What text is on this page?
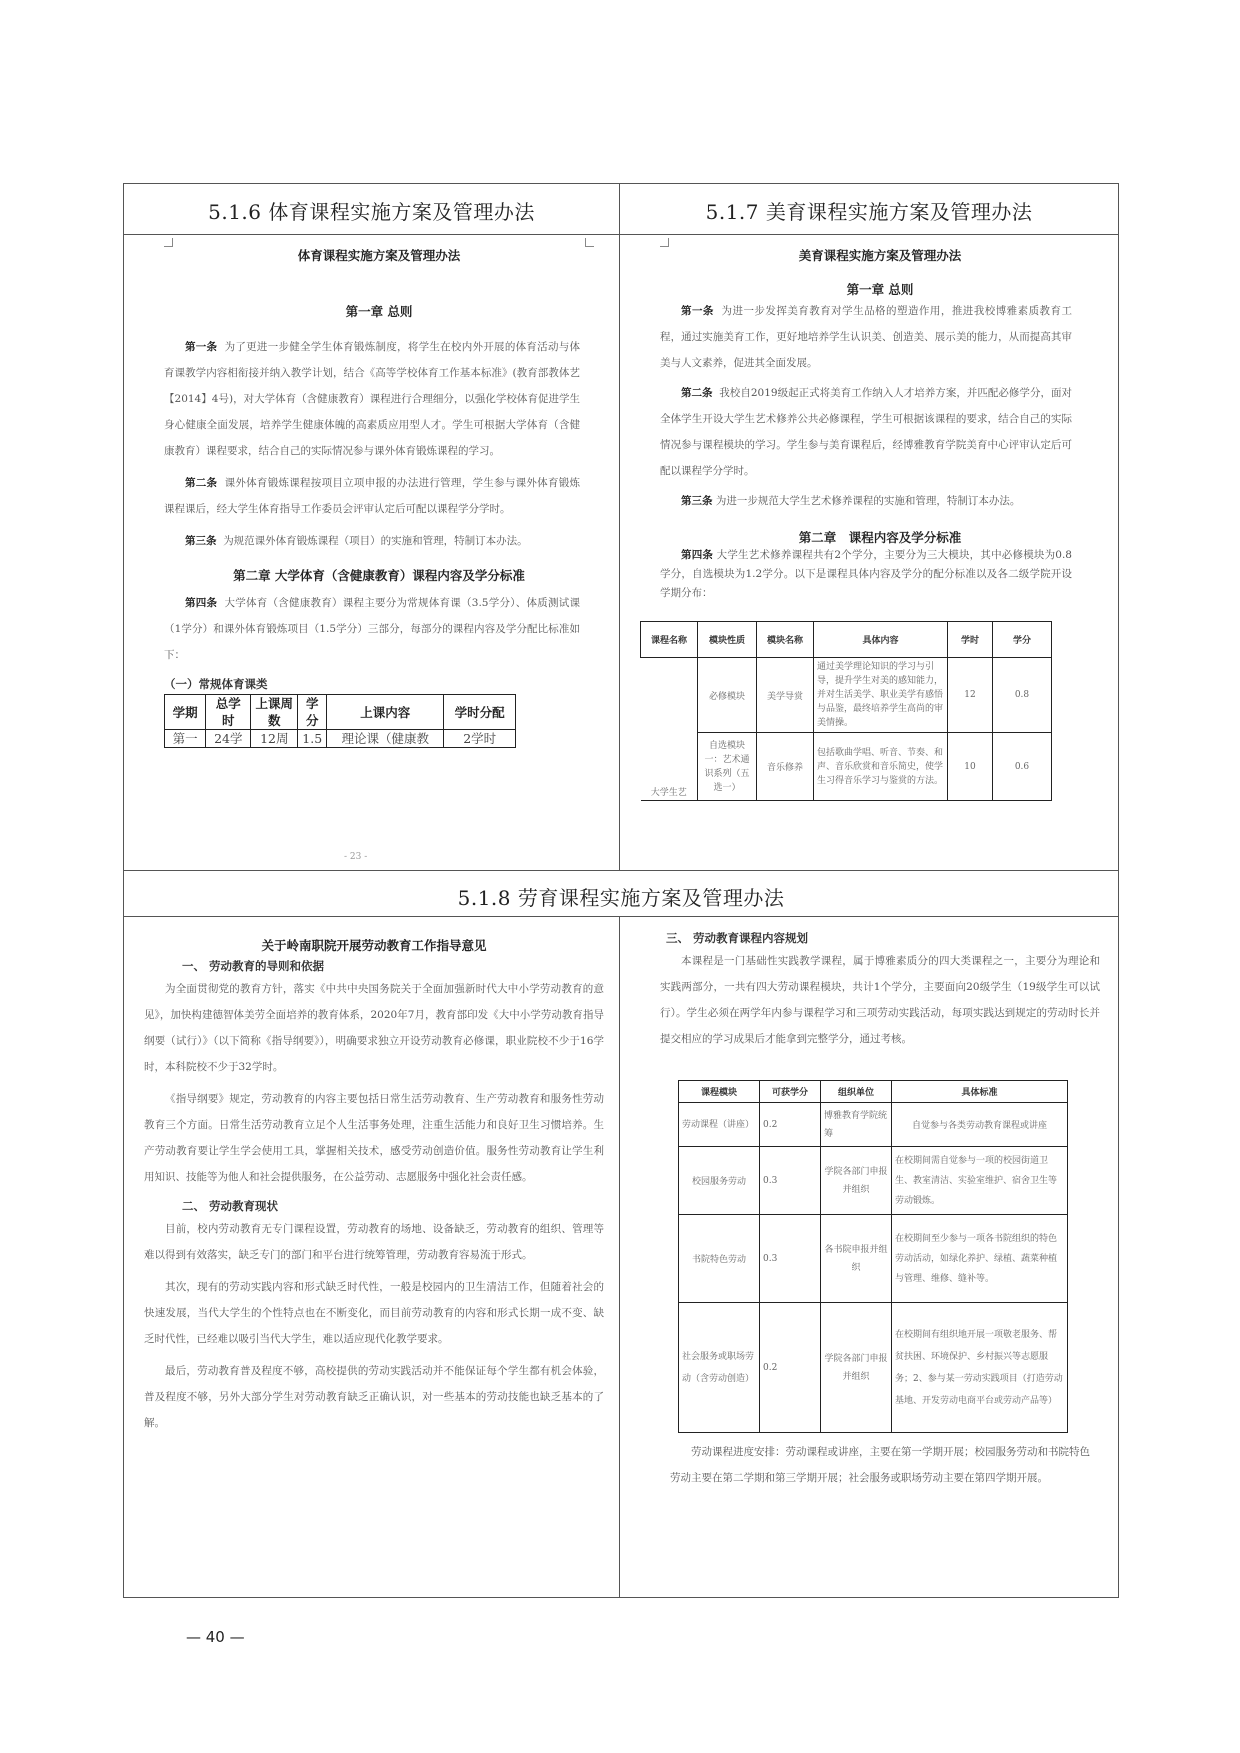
5.1.6 体育课程实施方案及管理办法	5.1.7 美育课程实施方案及管理办法
5.1.8 劳育课程实施方案及管理办法
体育课程实施方案及管理办法
第一章 总则

第一条 为了更进一步健全学生体育锻炼制度，将学生在校内外开展的体育活动与体育课教学内容相衔接并纳入教学计划，结合《高等学校体育工作基本标准》(教育部教体艺【2014】4号)，对大学体育（含健康教育）课程进行合理细分，以强化学校体育促进学生身心健康全面发展，培养学生健康体魄的高素质应用型人才。学生可根据大学体育（含健康教育）课程要求，结合自己的实际情况参与课外体育锻炼课程的学习。

第二条 课外体育锻炼课程按项目立项申报的办法进行管理，学生参与课外体育锻炼课程课后，经大学生体育指导工作委员会评审认定后可配以课程学分学时。

第三条 为规范课外体育锻炼课程（项目）的实施和管理，特制订本办法。

第二章 大学体育（含健康教育）课程内容及学分标准

第四条 大学体育（含健康教育）课程主要分为常规体育课（3.5学分）、体质测试课（1学分）和课外体育锻炼项目（1.5学分）三部分，每部分的课程内容及学分配比标准如下：

（一）常规体育课类

学期	总学时	上课周数	学分	上课内容	学时分配
第一	24学	12周	1.5	理论课（健康教	2学时
- 23 -
美育课程实施方案及管理办法
第一章 总则

第一条 为进一步发挥美育教育对学生品格的塑造作用，推进我校博雅素质教育工程，通过实施美育工作，更好地培养学生认识美、创造美、展示美的能力，从而提高其审美与人文素养，促进其全面发展。

第二条 我校自2019级起正式将美育工作纳入人才培养方案，并匹配必修学分，面对全体学生开设大学生艺术修养公共必修课程，学生可根据该课程的要求，结合自己的实际情况参与课程模块的学习。学生参与美育课程后，经博雅教育学院美育中心评审认定后可配以课程学分学时。

第三条 为进一步规范大学生艺术修养课程的实施和管理，特制订本办法。

第二章　课程内容及学分标准

第四条 大学生艺术修养课程共有2个学分，主要分为三大模块，其中必修模块为0.8学分，自选模块为1.2学分。以下是课程具体内容及学分的配分标准以及各二级学院开设学期分布：

课程名称	模块性质	模块名称	具体内容	学时	学分
大学生艺	必修模块	美学导赏	通过美学理论知识的学习与引导，提升学生对美的感知能力，并对生活美学、职业美学有感悟与品鉴，最终培养学生高尚的审美情操。	12	0.8
	自选模块一：艺术通识系列（五选一）	音乐修养	包括歌曲学唱、听音、节奏、和声、音乐欣赏和音乐简史，使学生习得音乐学习与鉴赏的方法。	10	0.6
关于岭南职院开展劳动教育工作指导意见

一、 劳动教育的导则和依据

为全面贯彻党的教育方针，落实《中共中央国务院关于全面加强新时代大中小学劳动教育的意见》，加快构建德智体美劳全面培养的教育体系，2020年7月，教育部印发《大中小学劳动教育指导纲要（试行）》（以下简称《指导纲要》），明确要求独立开设劳动教育必修课，职业院校不少于16学时，本科院校不少于32学时。

《指导纲要》规定，劳动教育的内容主要包括日常生活劳动教育、生产劳动教育和服务性劳动教育三个方面。日常生活劳动教育立足个人生活事务处理，注重生活能力和良好卫生习惯培养。生产劳动教育要让学生学会使用工具，掌握相关技术，感受劳动创造价值。服务性劳动教育让学生利用知识、技能等为他人和社会提供服务，在公益劳动、志愿服务中强化社会责任感。

二、 劳动教育现状

目前，校内劳动教育无专门课程设置，劳动教育的场地、设备缺乏，劳动教育的组织、管理等难以得到有效落实，缺乏专门的部门和平台进行统筹管理，劳动教育容易流于形式。

其次，现有的劳动实践内容和形式缺乏时代性，一般是校园内的卫生清洁工作，但随着社会的快速发展，当代大学生的个性特点也在不断变化，而目前劳动教育的内容和形式长期一成不变、缺乏时代性，已经难以吸引当代大学生，难以适应现代化教学要求。

最后，劳动教育普及程度不够，高校提供的劳动实践活动并不能保证每个学生都有机会体验，普及程度不够，另外大部分学生对劳动教育缺乏正确认识，对一些基本的劳动技能也缺乏基本的了解。

三、 劳动教育课程内容规划

本课程是一门基础性实践教学课程，属于博雅素质分的四大类课程之一，主要分为理论和实践两部分，一共有四大劳动课程模块，共计1个学分，主要面向20级学生（19级学生可以试行）。学生必须在两学年内参与课程学习和三项劳动实践活动，每项实践达到规定的劳动时长并提交相应的学习成果后才能拿到完整学分，通过考核。

课程模块	可获学分	组织单位	具体标准
劳动课程（讲座）	0.2	博雅教育学院统筹	自觉参与各类劳动教育课程或讲座
校园服务劳动	0.3	学院各部门申报并组织	在校期间需自觉参与一项的校园街道卫生、教室清洁、实验室维护、宿舍卫生等劳动锻炼。
书院特色劳动	0.3	各书院申报并组织	在校期间至少参与一项各书院组织的特色劳动活动，如绿化养护、绿植、蔬菜种植与管理、维修、缝补等。
社会服务或职场劳动（含劳动创造）	0.2	学院各部门申报并组织	在校期间有组织地开展一项敬老服务、帮贫扶困、环境保护、乡村振兴等志愿服务；2、参与某一劳动实践项目（打造劳动基地、开发劳动电商平台或劳动产品等）

劳动课程进度安排：劳动课程或讲座，主要在第一学期开展；校园服务劳动和书院特色劳动主要在第二学期和第三学期开展；社会服务或职场劳动主要在第四学期开展。

— 40 —
